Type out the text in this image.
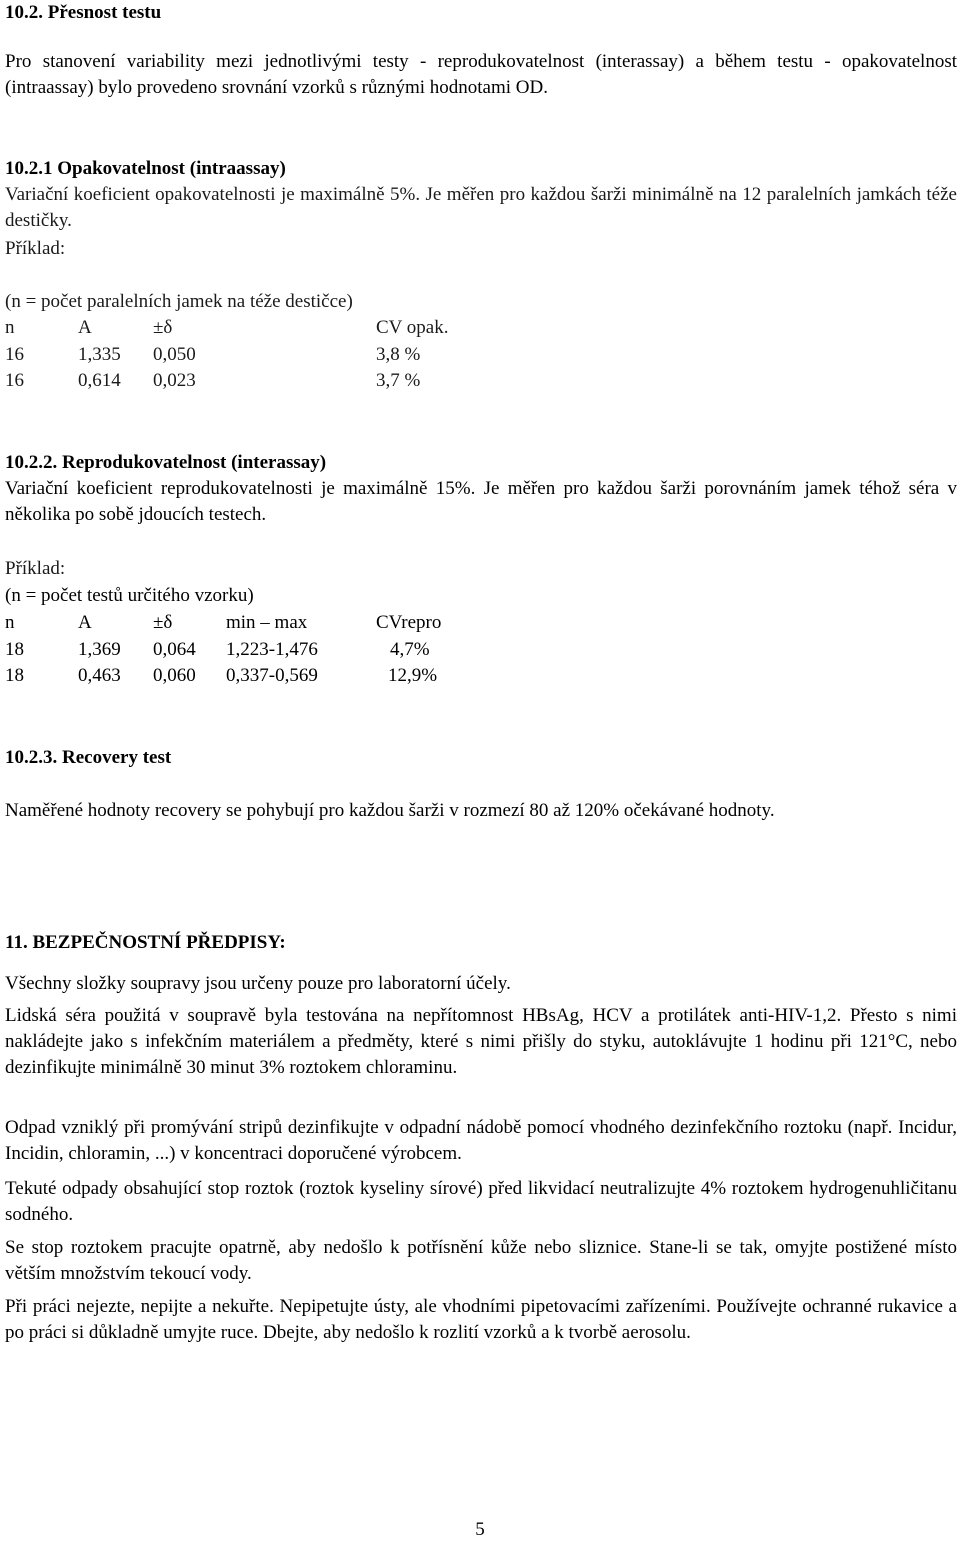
10.2. Přesnost testu

Pro stanovení variability mezi jednotlivými testy - reprodukovatelnost (interassay) a během testu - opakovatelnost (intraassay) bylo provedeno srovnání vzorků s různými hodnotami OD.

10.2.1 Opakovatelnost (intraassay)

Variační koeficient opakovatelnosti je maximálně 5%. Je měřen pro každou šarži minimálně na 12 paralelních jamkách téže destičky.

Příklad:

(n = počet paralelních jamek na téže destičce)

n	A	±δ	CV opak.
16	1,335	0,050	3,8 %
16	0,614	0,023	3,7 %
10.2.2. Reprodukovatelnost (interassay)

Variační koeficient reprodukovatelnosti je maximálně 15%. Je měřen pro každou šarži porovnáním jamek téhož séra v několika po sobě jdoucích testech.

Příklad:

(n = počet testů určitého vzorku)

n	A	±δ	min – max	CVrepro
18	1,369	0,064	1,223-1,476	4,7%
18	0,463	0,060	0,337-0,569	12,9%
10.2.3. Recovery test

Naměřené hodnoty recovery se pohybují pro každou šarži v rozmezí 80 až 120% očekávané hodnoty.

11. BEZPEČNOSTNÍ PŘEDPISY:

Všechny složky soupravy jsou určeny pouze pro laboratorní účely.

Lidská séra použitá v soupravě byla testována na nepřítomnost HBsAg, HCV a protilátek anti-HIV-1,2. Přesto s nimi nakládejte jako s infekčním materiálem a předměty, které s nimi přišly do styku, autoklávujte 1 hodinu při 121°C, nebo dezinfikujte minimálně 30 minut 3% roztokem chloraminu.

Odpad vzniklý při promývání stripů dezinfikujte v odpadní nádobě pomocí vhodného dezinfekčního roztoku (např. Incidur, Incidin, chloramin, ...) v koncentraci doporučené výrobcem.

Tekuté odpady obsahující stop roztok (roztok kyseliny sírové) před likvidací neutralizujte 4% roztokem hydrogenuhličitanu sodného.

Se stop roztokem pracujte opatrně, aby nedošlo k potřísnění kůže nebo sliznice. Stane-li se tak, omyjte postižené místo větším množstvím tekoucí vody.

Při práci nejezte, nepijte a nekuřte. Nepipetujte ústy, ale vhodními pipetovacími zařízeními. Používejte ochranné rukavice a po práci si důkladně umyjte ruce. Dbejte, aby nedošlo k rozlití vzorků a k tvorbě aerosolu.

5
